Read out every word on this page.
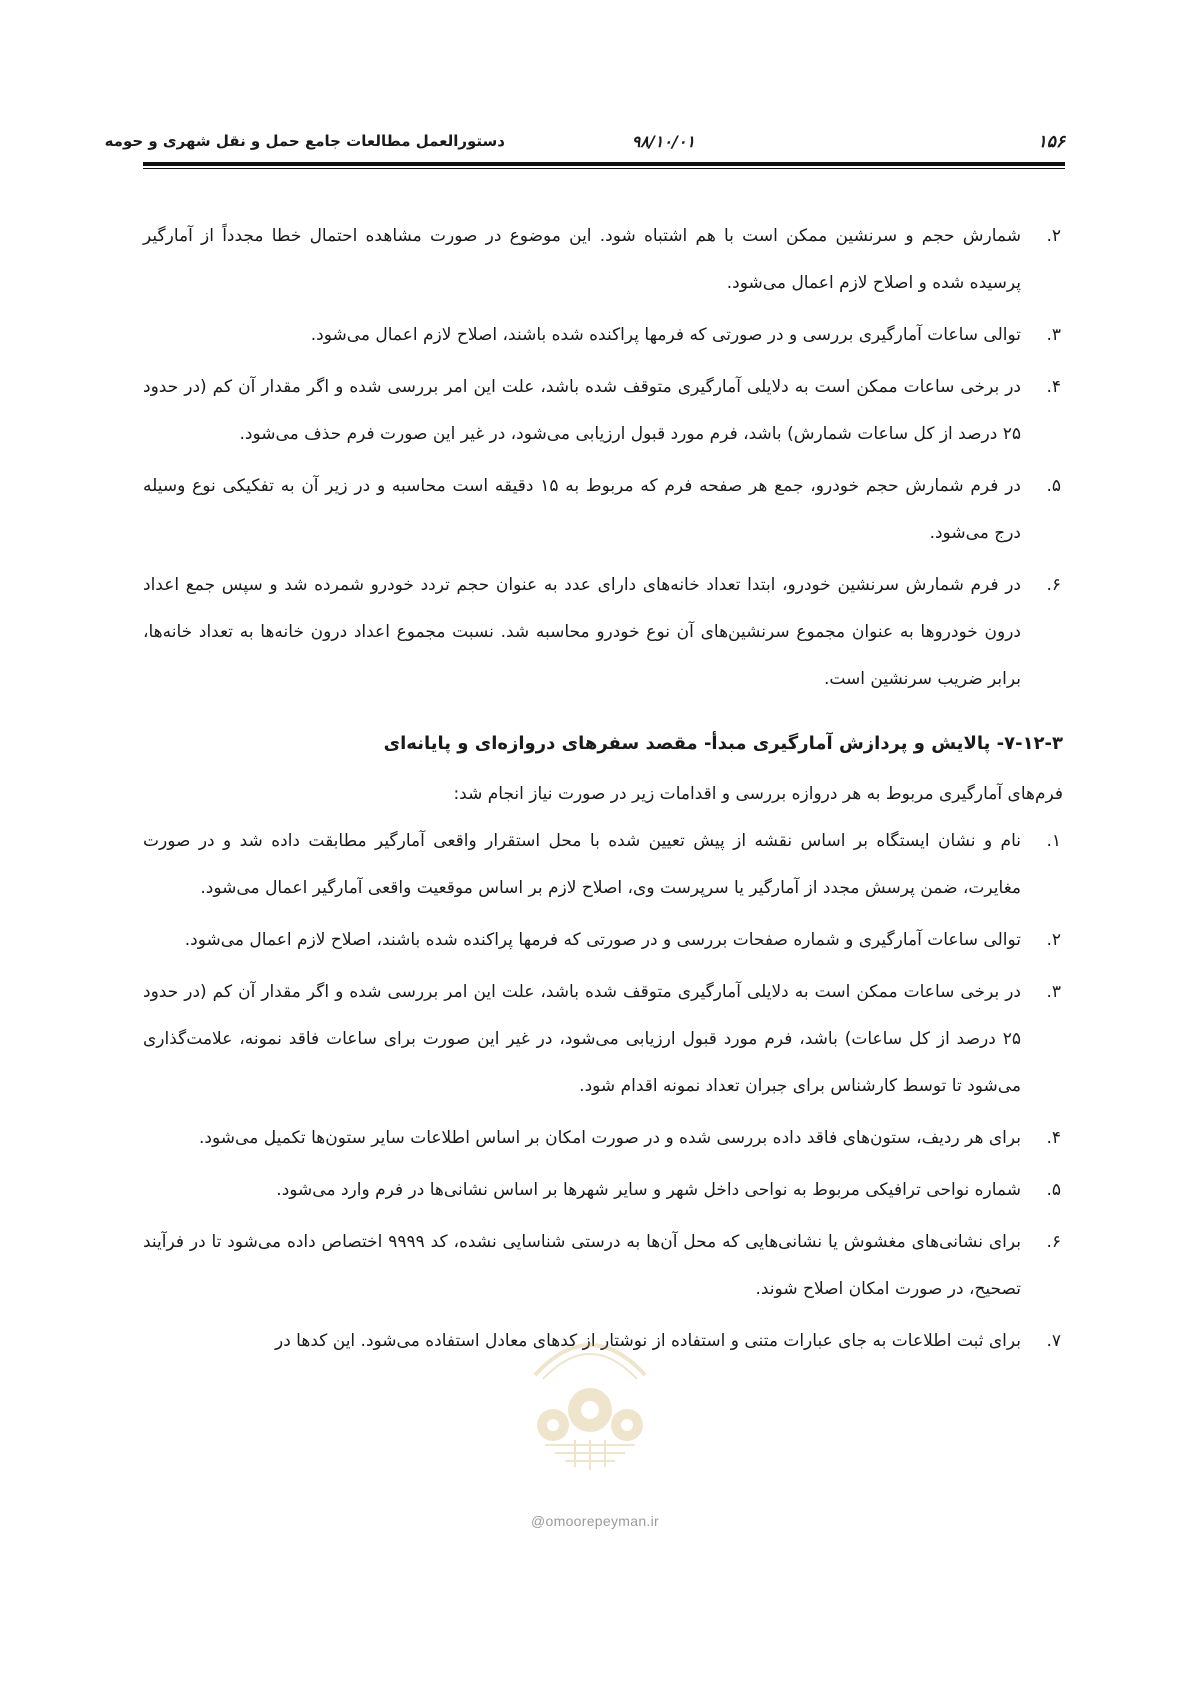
۱۵۶
۹۸/۱۰/۰۱
دستورالعمل مطالعات جامع حمل و نقل شهری و حومه
۲.
شمارش حجم و سرنشین ممکن است با هم اشتباه شود. این موضوع در صورت مشاهده احتمال خطا مجدداً از آمارگیر پرسیده شده و اصلاح لازم اعمال می‌شود.
۳.
توالی ساعات آمارگیری بررسی و در صورتی که فرمها پراکنده شده باشند، اصلاح لازم اعمال می‌شود.
۴.
در برخی ساعات ممکن است به دلایلی آمارگیری متوقف شده باشد، علت این امر بررسی شده و اگر مقدار آن کم (در حدود ۲۵ درصد از کل ساعات شمارش) باشد، فرم مورد قبول ارزیابی می‌شود، در غیر این صورت فرم حذف می‌شود.
۵.
در فرم شمارش حجم خودرو، جمع هر صفحه فرم که مربوط به ۱۵ دقیقه است محاسبه و در زیر آن به تفکیکی نوع وسیله درج می‌شود.
۶.
در فرم شمارش سرنشین خودرو، ابتدا تعداد خانه‌های دارای عدد به عنوان حجم تردد خودرو شمرده شد و سپس جمع اعداد درون خودروها به عنوان مجموع سرنشین‌های آن نوع خودرو محاسبه شد. نسبت مجموع اعداد درون خانه‌ها به تعداد خانه‌ها، برابر ضریب سرنشین است.
۷-۱۲-۳- پالایش و پردازش آمارگیری مبدأ- مقصد سفرهای دروازه‌ای و پایانه‌ای

فرم‌های آمارگیری مربوط به هر دروازه بررسی و اقدامات زیر در صورت نیاز انجام شد:

۱.
نام و نشان ایستگاه بر اساس نقشه از پیش تعیین شده با محل استقرار واقعی آمارگیر مطابقت داده شد و در صورت مغایرت، ضمن پرسش مجدد از آمارگیر یا سرپرست وی، اصلاح لازم بر اساس موقعیت واقعی آمارگیر اعمال می‌شود.
۲.
توالی ساعات آمارگیری و شماره صفحات بررسی و در صورتی که فرمها پراکنده شده باشند، اصلاح لازم اعمال می‌شود.
۳.
در برخی ساعات ممکن است به دلایلی آمارگیری متوقف شده باشد، علت این امر بررسی شده و اگر مقدار آن کم (در حدود ۲۵ درصد از کل ساعات) باشد، فرم مورد قبول ارزیابی می‌شود، در غیر این صورت برای ساعات فاقد نمونه، علامت‌گذاری می‌شود تا توسط کارشناس برای جبران تعداد نمونه اقدام شود.
۴.
برای هر ردیف، ستون‌های فاقد داده بررسی شده و در صورت امکان بر اساس اطلاعات سایر ستون‌ها تکمیل می‌شود.
۵.
شماره نواحی ترافیکی مربوط به نواحی داخل شهر و سایر شهرها بر اساس نشانی‌ها در فرم وارد می‌شود.
۶.
برای نشانی‌های مغشوش یا نشانی‌هایی که محل آن‌ها به درستی شناسایی نشده، کد ۹۹۹۹ اختصاص داده می‌شود تا در فرآیند تصحیح، در صورت امکان اصلاح شوند.
۷.
برای ثبت اطلاعات به جای عبارات متنی و استفاده از نوشتار از کدهای معادل استفاده می‌شود. این کدها در
@omoorepeyman.ir
